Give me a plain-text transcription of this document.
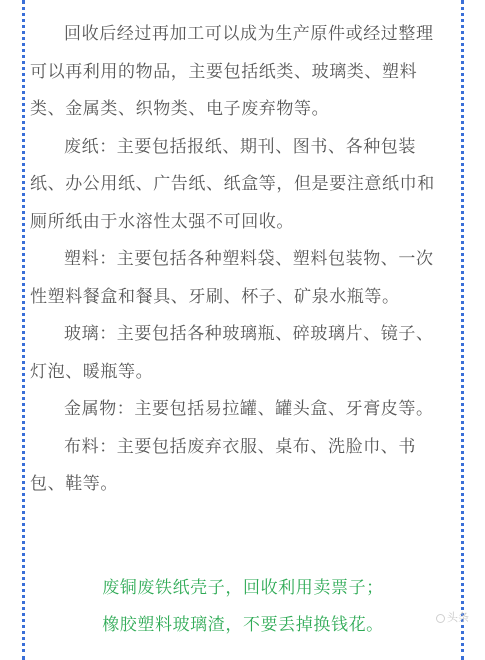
回收后经过再加工可以成为生产原件或经过整理可以再利用的物品，主要包括纸类、玻璃类、塑料类、金属类、织物类、电子废弃物等。

废纸：主要包括报纸、期刊、图书、各种包装纸、办公用纸、广告纸、纸盒等，但是要注意纸巾和厕所纸由于水溶性太强不可回收。

塑料：主要包括各种塑料袋、塑料包装物、一次性塑料餐盒和餐具、牙刷、杯子、矿泉水瓶等。

玻璃：主要包括各种玻璃瓶、碎玻璃片、镜子、灯泡、暖瓶等。

金属物：主要包括易拉罐、罐头盒、牙膏皮等。

布料：主要包括废弃衣服、桌布、洗脸巾、书包、鞋等。

废铜废铁纸壳子，回收利用卖票子；
橡胶塑料玻璃渣，不要丢掉换钱花。	头条
